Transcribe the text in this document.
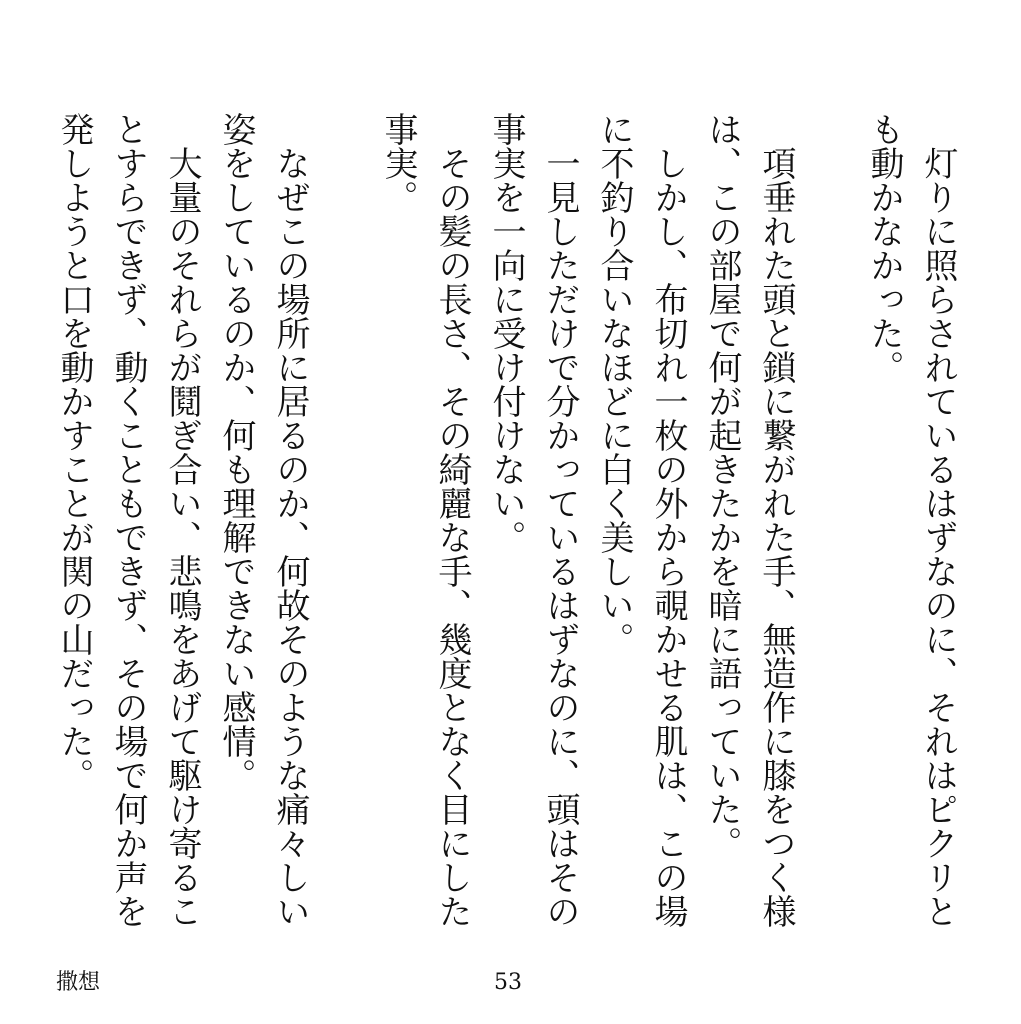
灯りに照らされているはずなのに、それはピクリとも動かなかった。

項垂れた頭と鎖に繋がれた手、無造作に膝をつく様は、この部屋で何が起きたかを暗に語っていた。

しかし、布切れ一枚の外から覗かせる肌は、この場に不釣り合いなほどに白く美しい。

一見しただけで分かっているはずなのに、頭はその事実を一向に受け付けない。

その髪の長さ、その綺麗な手、幾度となく目にした事実。

なぜこの場所に居るのか、何故そのような痛々しい姿をしているのか、何も理解できない感情。

大量のそれらが鬩ぎ合い、悲鳴をあげて駆け寄ることすらできず、動くこともできず、その場で何か声を発しようと口を動かすことが関の山だった。

撒想	53
